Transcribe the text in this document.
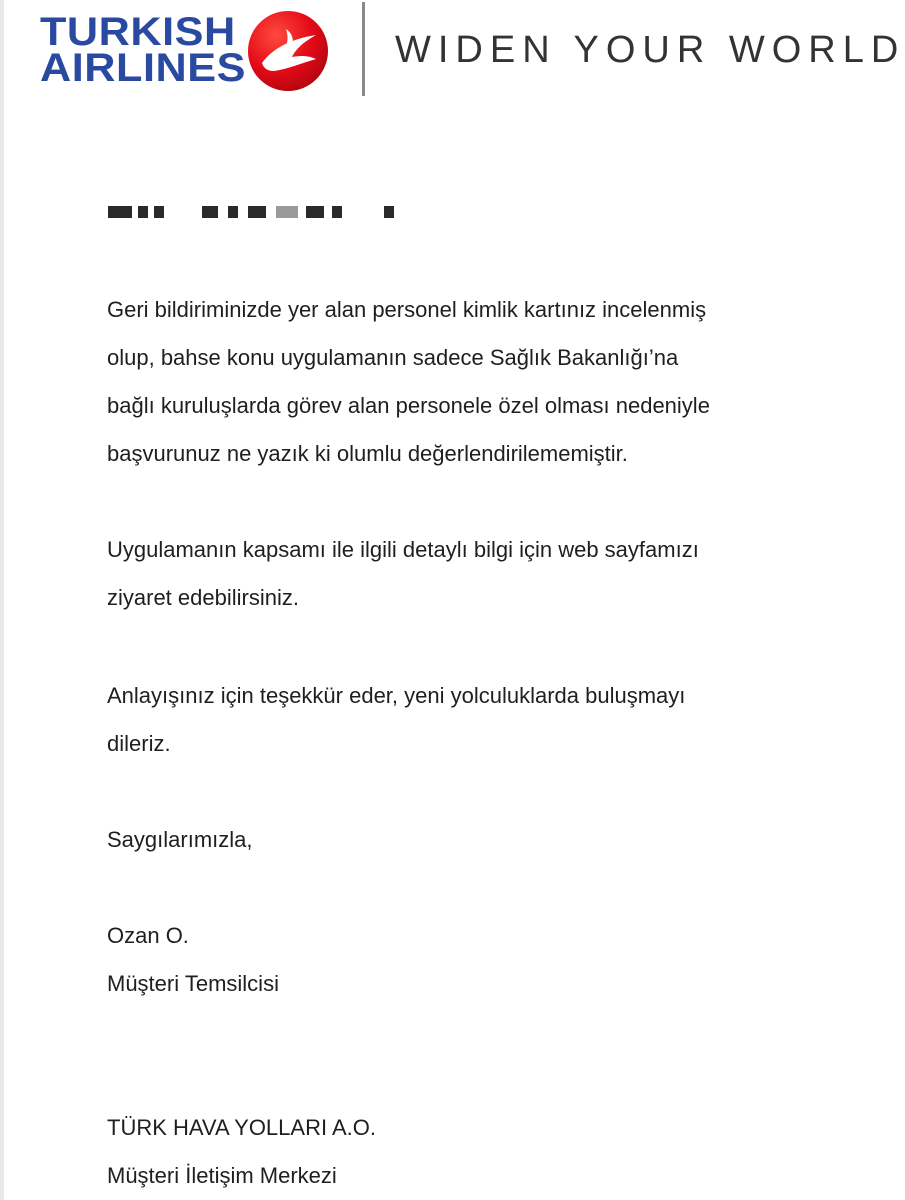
TURKISH
AIRLINES	WIDEN YOUR WORLD
Geri bildiriminizde yer alan personel kimlik kartınız incelenmiş
olup, bahse konu uygulamanın sadece Sağlık Bakanlığı’na
bağlı kuruluşlarda görev alan personele özel olması nedeniyle
başvurunuz ne yazık ki olumlu değerlendirilememiştir.
Uygulamanın kapsamı ile ilgili detaylı bilgi için web sayfamızı
ziyaret edebilirsiniz.
Anlayışınız için teşekkür eder, yeni yolculuklarda buluşmayı
dileriz.
Saygılarımızla,
Ozan O.
Müşteri Temsilcisi
TÜRK HAVA YOLLARI A.O.
Müşteri İletişim Merkezi
